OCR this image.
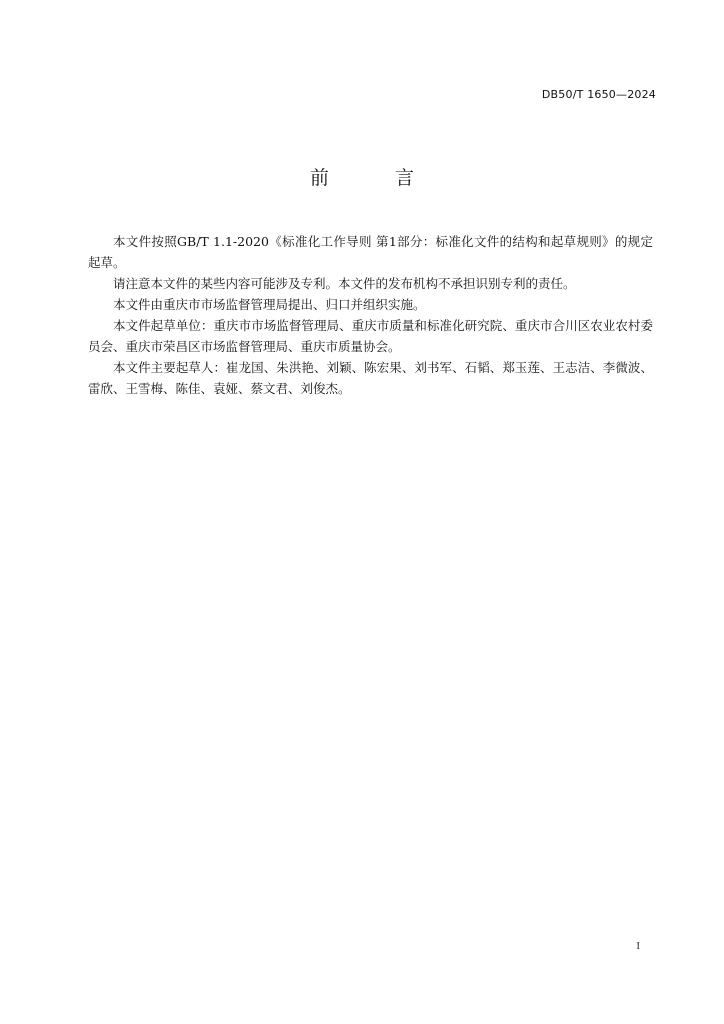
DB50/T 1650—2024
前 言

本文件按照GB/T 1.1-2020《标准化工作导则 第1部分：标准化文件的结构和起草规则》的规定起草。

请注意本文件的某些内容可能涉及专利。本文件的发布机构不承担识别专利的责任。

本文件由重庆市市场监督管理局提出、归口并组织实施。

本文件起草单位：重庆市市场监督管理局、重庆市质量和标准化研究院、重庆市合川区农业农村委员会、重庆市荣昌区市场监督管理局、重庆市质量协会。

本文件主要起草人：崔龙国、朱洪艳、刘颖、陈宏果、刘书军、石韬、郑玉莲、王志洁、李微波、雷欣、王雪梅、陈佳、袁娅、蔡文君、刘俊杰。

I
